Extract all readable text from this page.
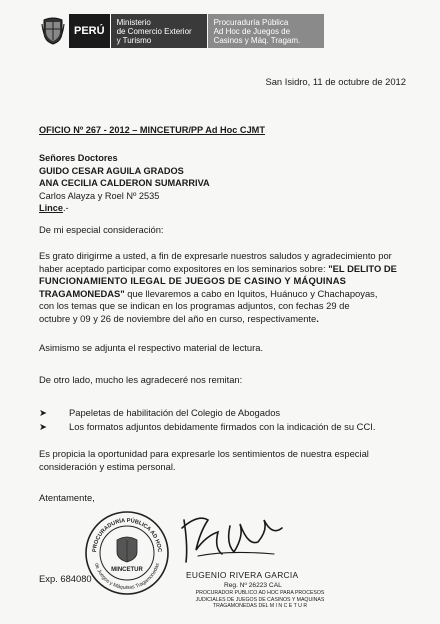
PERÚ
Ministerio
de Comercio Exterior
y Turismo
Procuraduría Pública
Ad Hoc de Juegos de
Casinos y Máq. Tragam.
San Isidro, 11 de octubre de 2012
OFICIO Nº 267 - 2012 – MINCETUR/PP Ad Hoc CJMT
Señores Doctores
GUIDO CESAR AGUILA GRADOS
ANA CECILIA CALDERON SUMARRIVA
Carlos Alayza y Roel Nº 2535
Lince.-
De mi especial consideración:
Es grato dirigirme a usted, a fin de expresarle nuestros saludos y agradecimiento por
haber aceptado participar como expositores en los seminarios sobre: "EL DELITO DE
FUNCIONAMIENTO ILEGAL DE JUEGOS DE CASINO Y MÁQUINAS
TRAGAMONEDAS" que llevaremos a cabo en Iquitos, Huánuco y Chachapoyas,
con los temas que se indican en los programas adjuntos, con fechas 29 de
octubre y 09 y 26 de noviembre del año en curso, respectivamente.
Asimismo se adjunta el respectivo material de lectura.
De otro lado, mucho les agradeceré nos remitan:
➤	Papeletas de habilitación del Colegio de Abogados
➤	Los formatos adjuntos debidamente firmados con la indicación de su CCI.
Es propicia la oportunidad para expresarle los sentimientos de nuestra especial
consideración y estima personal.
Atentamente,
PROCURADURÍA PÚBLICA AD HOC
de Juegos y Máquinas Tragamonedas
MINCETUR
Exp. 684080	EUGENIO RIVERA GARCIA
Reg. Nº 26223 CAL
PROCURADOR PUBLICO AD HOC PARA PROCESOS
JUDICIALES DE JUEGOS DE CASINOS Y MAQUINAS
TRAGAMONEDAS DEL M I N C E T U R
